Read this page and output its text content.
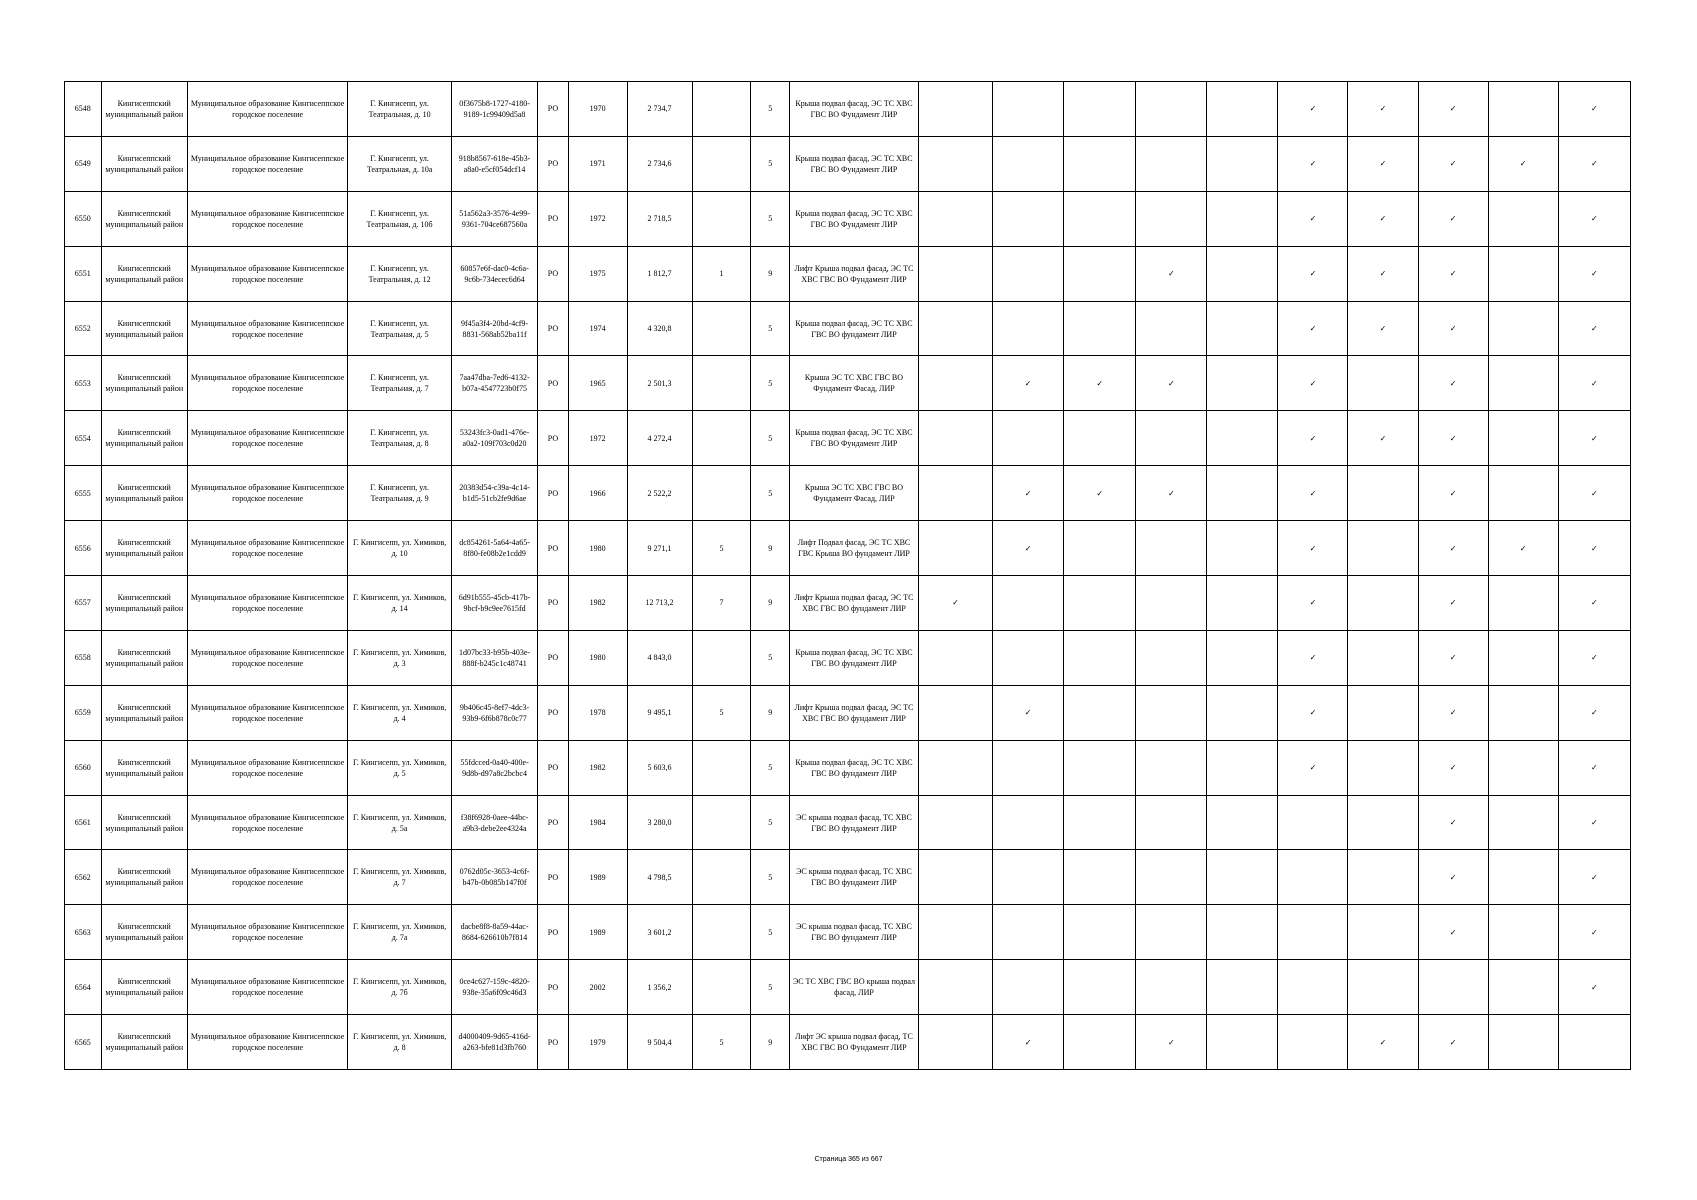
6548	Кингисеппский муниципальный район	Муниципальное образование Кингисеппское городское поселение	Г. Кингисепп, ул. Театральная, д. 10	0f3675b8-1727-4180-9189-1c99409d5a8	РО	1970	2 734,7		5	Крыша подвал фасад, ЭС ТС ХВС ГВС ВО Фундамент ЛИР						✓	✓	✓		✓
6549	Кингисеппский муниципальный район	Муниципальное образование Кингисеппское городское поселение	Г. Кингисепп, ул. Театральная, д. 10а	918b8567-618e-45b3-a8a0-e5cf054dcf14	РО	1971	2 734,6		5	Крыша подвал фасад, ЭС ТС ХВС ГВС ВО Фундамент ЛИР						✓	✓	✓	✓	✓
6550	Кингисеппский муниципальный район	Муниципальное образование Кингисеппское городское поселение	Г. Кингисепп, ул. Театральная, д. 10б	51a562a3-3576-4e99-9361-704ce687560a	РО	1972	2 718,5		5	Крыша подвал фасад, ЭС ТС ХВС ГВС ВО Фундамент ЛИР						✓	✓	✓		✓
6551	Кингисеппский муниципальный район	Муниципальное образование Кингисеппское городское поселение	Г. Кингисепп, ул. Театральная, д. 12	60857e6f-dac0-4c6a-9c6b-734ecec6d64	РО	1975	1 812,7	1	9	Лифт Крыша подвал фасад, ЭС ТС ХВС ГВС ВО Фундамент ЛИР				✓		✓	✓	✓		✓
6552	Кингисеппский муниципальный район	Муниципальное образование Кингисеппское городское поселение	Г. Кингисепп, ул. Театральная, д. 5	9f45a3f4-20bd-4cf9-8831-568ab52ba11f	РО	1974	4 320,8		5	Крыша подвал фасад, ЭС ТС ХВС ГВС ВО фундамент ЛИР						✓	✓	✓		✓
6553	Кингисеппский муниципальный район	Муниципальное образование Кингисеппское городское поселение	Г. Кингисепп, ул. Театральная, д. 7	7aa47dba-7ed6-4132-b07a-4547723b0f75	РО	1965	2 501,3		5	Крыша ЭС ТС ХВС ГВС ВО Фундамент Фасад, ЛИР		✓	✓	✓		✓		✓		✓
6554	Кингисеппский муниципальный район	Муниципальное образование Кингисеппское городское поселение	Г. Кингисепп, ул. Театральная, д. 8	53243fc3-0ad1-476e-a0a2-109f703c0d20	РО	1972	4 272,4		5	Крыша подвал фасад, ЭС ТС ХВС ГВС ВО Фундамент ЛИР						✓	✓	✓		✓
6555	Кингисеппский муниципальный район	Муниципальное образование Кингисеппское городское поселение	Г. Кингисепп, ул. Театральная, д. 9	20383d54-c39a-4c14-b1d5-51cb2fe9d6ae	РО	1966	2 522,2		5	Крыша ЭС ТС ХВС ГВС ВО Фундамент Фасад, ЛИР		✓	✓	✓		✓		✓		✓
6556	Кингисеппский муниципальный район	Муниципальное образование Кингисеппское городское поселение	Г. Кингисепп, ул. Химиков, д. 10	dc854261-5a64-4a65-8f80-fe08b2e1cdd9	РО	1980	9 271,1	5	9	Лифт Подвал фасад, ЭС ТС ХВС ГВС Крыша ВО фундамент ЛИР		✓				✓		✓	✓	✓
6557	Кингисеппский муниципальный район	Муниципальное образование Кингисеппское городское поселение	Г. Кингисепп, ул. Химиков, д. 14	6d91b555-45cb-417b-9bcf-b9c9ee7615fd	РО	1982	12 713,2	7	9	Лифт Крыша подвал фасад, ЭС ТС ХВС ГВС ВО фундамент ЛИР	✓					✓		✓		✓
6558	Кингисеппский муниципальный район	Муниципальное образование Кингисеппское городское поселение	Г. Кингисепп, ул. Химиков, д. 3	1d07bc33-b95b-403e-888f-b245c1c48741	РО	1980	4 843,0		5	Крыша подвал фасад, ЭС ТС ХВС ГВС ВО фундамент ЛИР						✓		✓		✓
6559	Кингисеппский муниципальный район	Муниципальное образование Кингисеппское городское поселение	Г. Кингисепп, ул. Химиков, д. 4	9b406c45-8ef7-4dc3-93b9-6f6b878c0c77	РО	1978	9 495,1	5	9	Лифт Крыша подвал фасад, ЭС ТС ХВС ГВС ВО фундамент ЛИР		✓				✓		✓		✓
6560	Кингисеппский муниципальный район	Муниципальное образование Кингисеппское городское поселение	Г. Кингисепп, ул. Химиков, д. 5	55fdcced-0a40-400e-9d8b-d97a8c2bcbc4	РО	1982	5 603,6		5	Крыша подвал фасад, ЭС ТС ХВС ГВС ВО фундамент ЛИР						✓		✓		✓
6561	Кингисеппский муниципальный район	Муниципальное образование Кингисеппское городское поселение	Г. Кингисепп, ул. Химиков, д. 5а	f38f6928-0aee-44bc-a9b3-debe2ee4324a	РО	1984	3 280,0		5	ЭС крыша подвал фасад, ТС ХВС ГВС ВО фундамент ЛИР								✓		✓
6562	Кингисеппский муниципальный район	Муниципальное образование Кингисеппское городское поселение	Г. Кингисепп, ул. Химиков, д. 7	0762d05c-3653-4c6f-b47b-0b085b147f0f	РО	1989	4 798,5		5	ЭС крыша подвал фасад, ТС ХВС ГВС ВО фундамент ЛИР								✓		✓
6563	Кингисеппский муниципальный район	Муниципальное образование Кингисеппское городское поселение	Г. Кингисепп, ул. Химиков, д. 7а	dacbe8f8-8a59-44ac-8684-626610b7f814	РО	1989	3 601,2		5	ЭС крыша подвал фасад, ТС ХВС ГВС ВО фундамент ЛИР								✓		✓
6564	Кингисеппский муниципальный район	Муниципальное образование Кингисеппское городское поселение	Г. Кингисепп, ул. Химиков, д. 7б	0ce4c627-159c-4820-938e-35a6f09c46d3	РО	2002	1 356,2		5	ЭС ТС ХВС ГВС ВО крыша подвал фасад, ЛИР										✓
6565	Кингисеппский муниципальный район	Муниципальное образование Кингисеппское городское поселение	Г. Кингисепп, ул. Химиков, д. 8	d4000409-9d65-416d-a263-bfe81d3fb760	РО	1979	9 504,4	5	9	Лифт ЭС крыша подвал фасад, ТС ХВС ГВС ВО Фундамент ЛИР		✓		✓			✓	✓		
Страница 365 из 667
